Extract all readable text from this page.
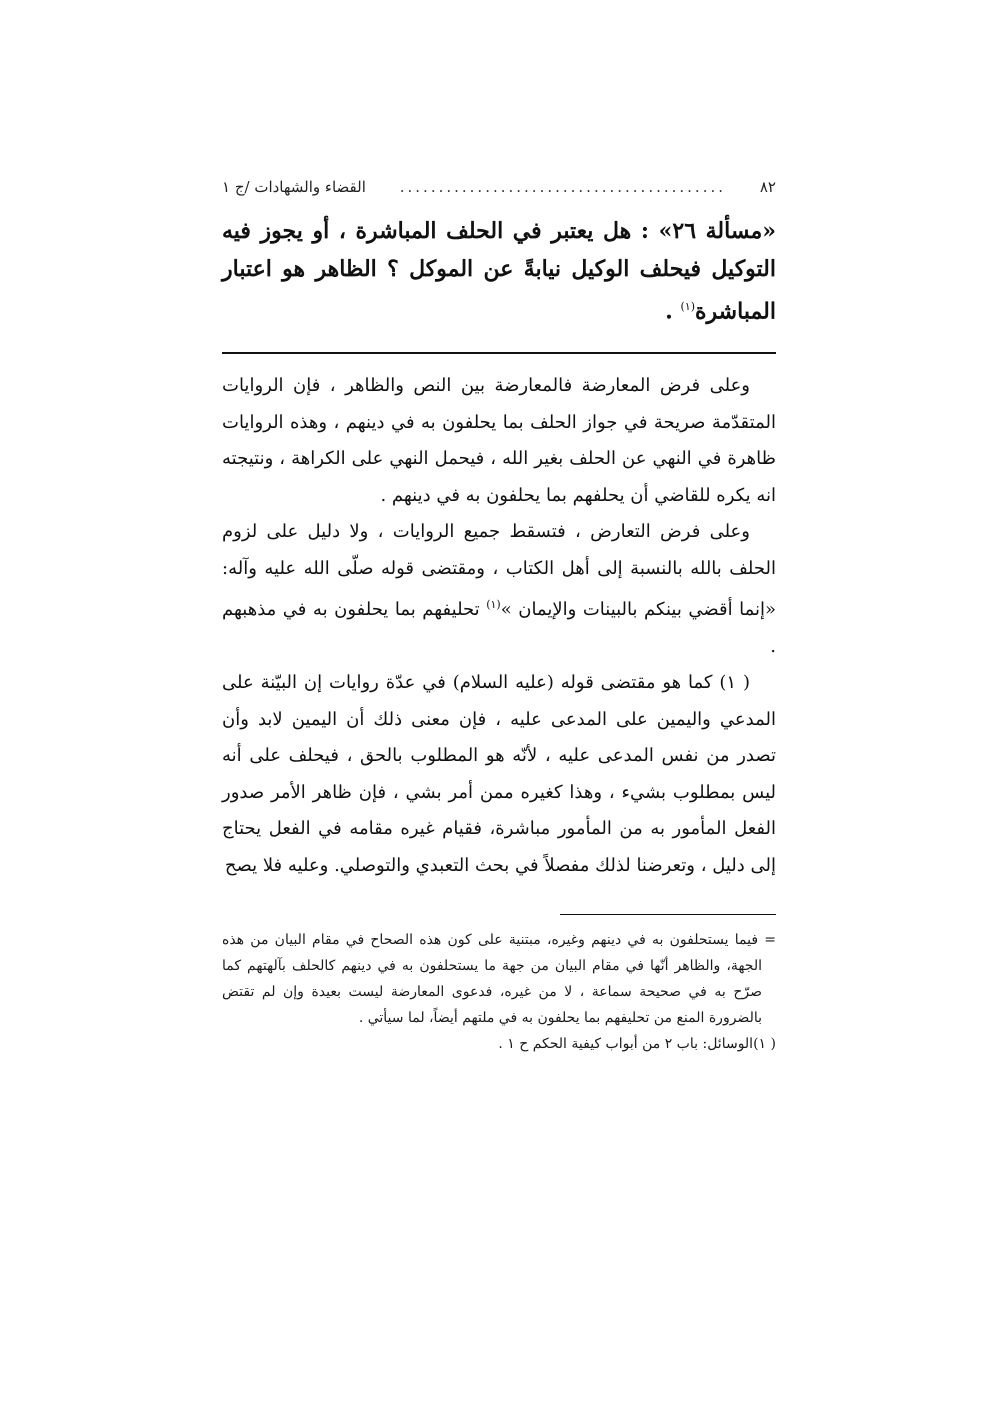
٨٢
..........................................
القضاء والشهادات /ج ١
«مسألة ٢٦» : هل يعتبر في الحلف المباشرة ، أو يجوز فيه التوكيل فيحلف الوكيل نيابةً عن الموكل ؟ الظاهر هو اعتبار المباشرة$^{(١)}$ .

وعلى فرض المعارضة فالمعارضة بين النص والظاهر ، فإن الروايات المتقدّمة صريحة في جواز الحلف بما يحلفون به في دينهم ، وهذه الروايات ظاهرة في النهي عن الحلف بغير الله ، فيحمل النهي على الكراهة ، ونتيجته انه يكره للقاضي أن يحلفهم بما يحلفون به في دينهم .

وعلى فرض التعارض ، فتسقط جميع الروايات ، ولا دليل على لزوم الحلف بالله بالنسبة إلى أهل الكتاب ، ومقتضى قوله صلّى الله عليه وآله: «إنما أقضي بينكم بالبينات والإيمان »$^{(١)}$ تحليفهم بما يحلفون به في مذهبهم .

( ١) كما هو مقتضى قوله (عليه السلام) في عدّة روايات إن البيّنة على المدعي واليمين على المدعى عليه ، فإن معنى ذلك أن اليمين لابد وأن تصدر من نفس المدعى عليه ، لأنّه هو المطلوب بالحق ، فيحلف على أنه ليس بمطلوب بشيء ، وهذا كغيره ممن أمر بشي ، فإن ظاهر الأمر صدور الفعل المأمور به من المأمور مباشرة، فقيام غيره مقامه في الفعل يحتاج إلى دليل ، وتعرضنا لذلك مفصلاً في بحث التعبدي والتوصلي. وعليه فلا يصح

= فيما يستحلفون به في دينهم وغيره، مبتنية على كون هذه الصحاح في مقام البيان من هذه الجهة، والظاهر أنّها في مقام البيان من جهة ما يستحلفون به في دينهم كالحلف بآلهتهم كما صرّح به في صحيحة سماعة ، لا من غيره، فدعوى المعارضة ليست بعيدة وإن لم تقتض بالضرورة المنع من تحليفهم بما يحلفون به في ملتهم أيضاً، لما سيأتي .

( ١)الوسائل: باب ٢ من أبواب كيفية الحكم ح ١ .
